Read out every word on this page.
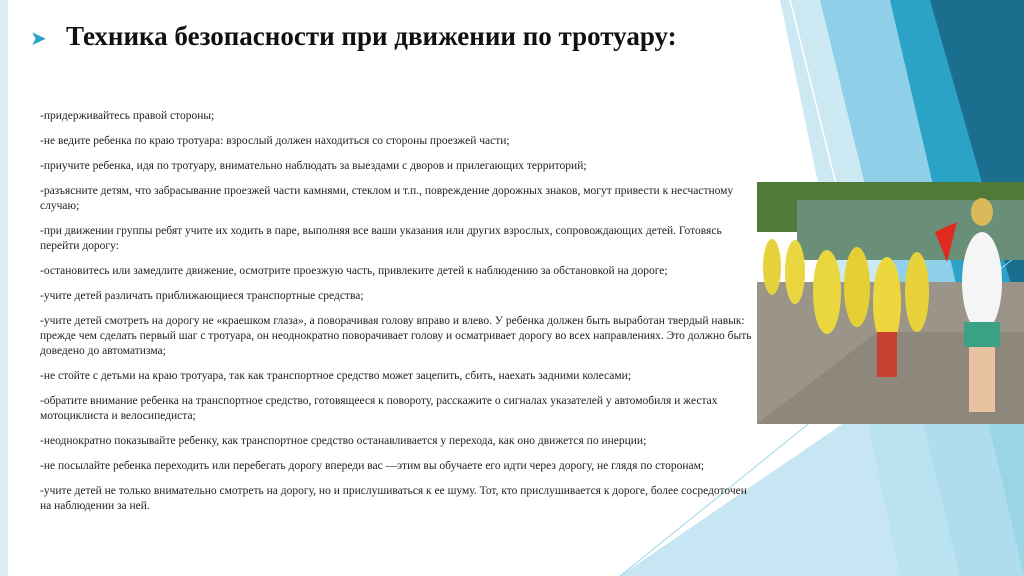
➤ Техника безопасности при движении по тротуару:

-придерживайтесь правой стороны;

-не ведите ребенка по краю тротуара: взрослый должен находиться со стороны проезжей части;

-приучите ребенка, идя по тротуару, внимательно наблюдать за выездами с дворов и прилегающих территорий;

-разъясните детям, что забрасывание проезжей части камнями, стеклом и т.п., повреждение дорожных знаков, могут привести к несчастному случаю;

-при движении группы ребят учите их ходить в паре, выполняя все ваши указания или других взрослых, сопровождающих детей. Готовясь перейти дорогу:

-остановитесь или замедлите движение, осмотрите проезжую часть, привлеките детей к наблюдению за обстановкой на дороге;

-учите детей различать приближающиеся транспортные средства;

-учите детей смотреть на дорогу не «краешком глаза», а поворачивая голову вправо и влево. У ребенка должен быть выработан твердый навык: прежде чем сделать первый шаг с тротуара, он неоднократно поворачивает голову и осматривает дорогу во всех направлениях. Это должно быть доведено до автоматизма;

-не стойте с детьми на краю тротуара, так как транспортное средство может зацепить, сбить, наехать задними колесами;

-обратите внимание ребенка на транспортное средство, готовящееся к повороту, расскажите о сигналах указателей у автомобиля и жестах мотоциклиста и велосипедиста;

-неоднократно показывайте ребенку, как транспортное средство останавливается у перехода, как оно движется по инерции;

-не посылайте ребенка переходить или перебегать дорогу впереди вас —этим вы обучаете его идти через дорогу, не глядя по сторонам;

-учите детей не только внимательно смотреть на дорогу, но и прислушиваться к ее шуму. Тот, кто прислушивается к дороге, более сосредоточен на наблюдении за ней.
